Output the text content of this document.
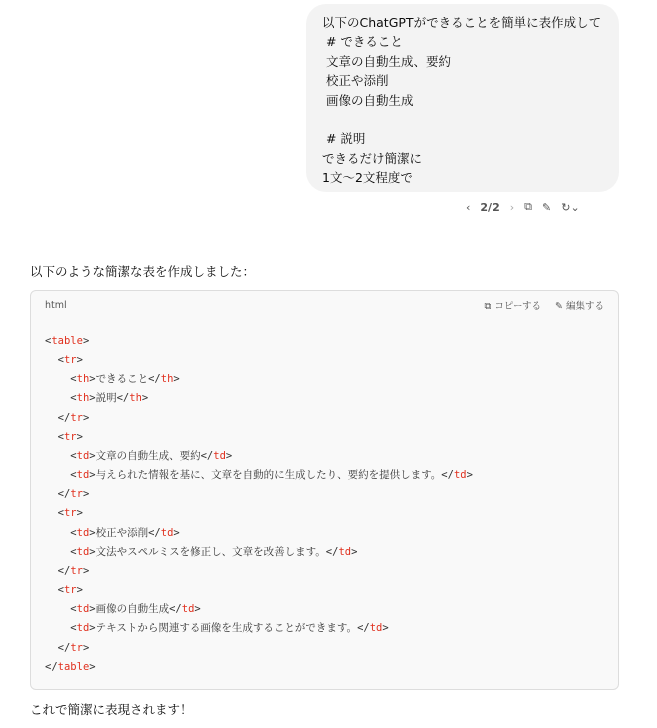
以下のChatGPTができることを簡単に表作成して
# できること
文章の自動生成、要約
校正や添削
画像の自動生成

# 説明
できるだけ簡潔に
1文〜2文程度で
‹ 2/2 › ⧉ ✎ ↻⌄
以下のような簡潔な表を作成しました：
html	⧉ コピーする ✎ 編集する
<table>
<tr>
<th>できること</th>
<th>説明</th>
</tr>
<tr>
<td>文章の自動生成、要約</td>
<td>与えられた情報を基に、文章を自動的に生成したり、要約を提供します。</td>
</tr>
<tr>
<td>校正や添削</td>
<td>文法やスペルミスを修正し、文章を改善します。</td>
</tr>
<tr>
<td>画像の自動生成</td>
<td>テキストから関連する画像を生成することができます。</td>
</tr>
</table>
これで簡潔に表現されます！
